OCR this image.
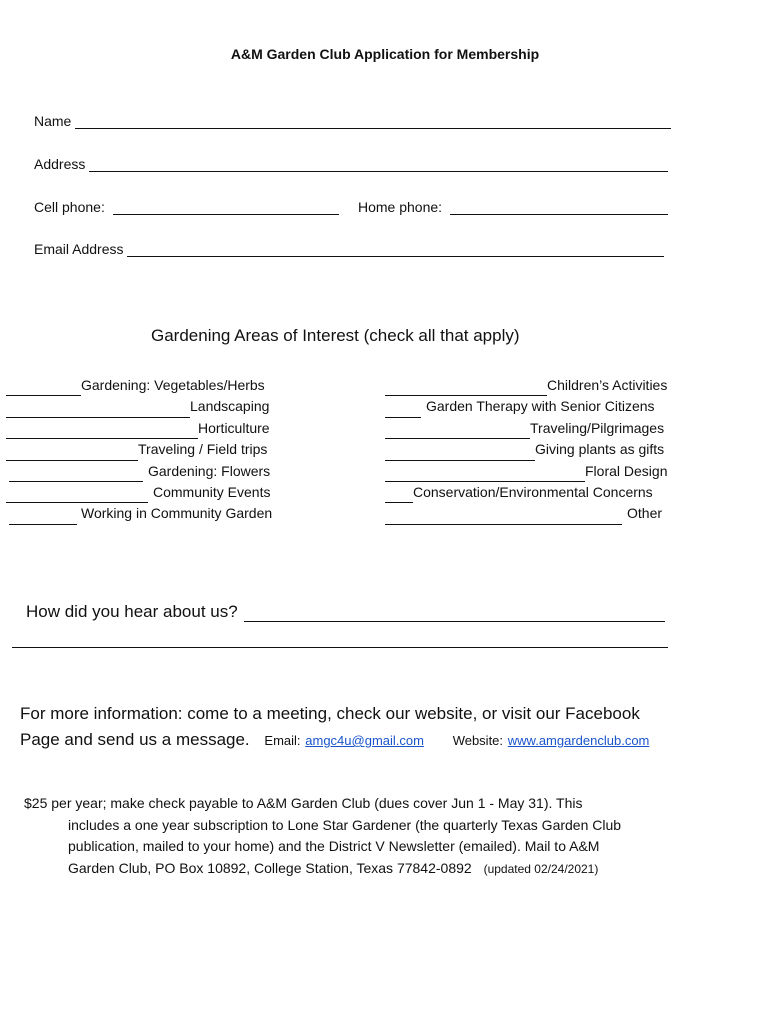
A&M Garden Club Application for Membership
Name
Address
Cell phone:	Home phone:
Email Address
Gardening Areas of Interest (check all that apply)
Gardening: Vegetables/Herbs
Landscaping
Horticulture
Traveling / Field trips
Gardening: Flowers
Community Events
Working in Community Garden
Children’s Activities
Garden Therapy with Senior Citizens
Traveling/Pilgrimages
Giving plants as gifts
Floral Design
Conservation/Environmental Concerns
Other
How did you hear about us?
For more information: come to a meeting, check our website, or visit our Facebook
Page and send us a message. Email: amgc4u@gmail.com Website: www.amgardenclub.com
$25 per year; make check payable to A&M Garden Club (dues cover Jun 1 - May 31). This
includes a one year subscription to Lone Star Gardener (the quarterly Texas Garden Club
publication, mailed to your home) and the District V Newsletter (emailed). Mail to A&M
Garden Club, PO Box 10892, College Station, Texas 77842-0892 (updated 02/24/2021)
